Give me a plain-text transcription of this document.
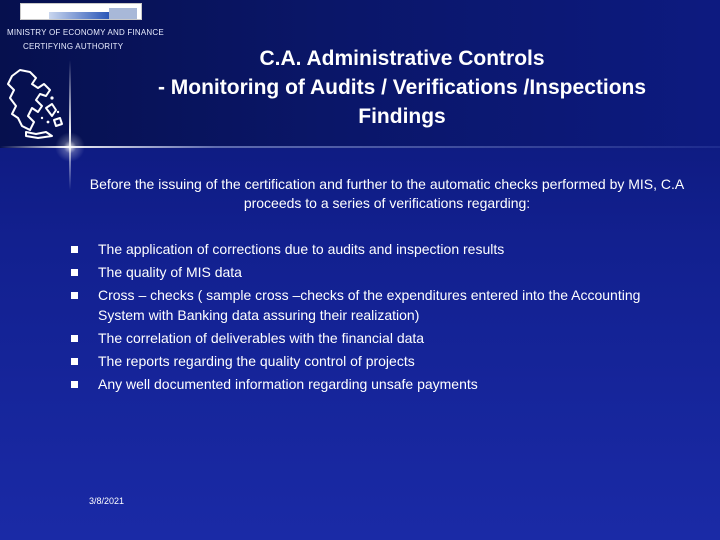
MINISTRY OF ECONOMY AND FINANCE
CERTIFYING AUTHORITY
C.A. Administrative Controls
- Monitoring of Audits / Verifications /Inspections
Findings
Before the issuing of the certification and further to the automatic checks performed by MIS, C.A proceeds to a series of verifications regarding:
The application of corrections due to audits and inspection results
The quality of MIS data
Cross – checks ( sample cross –checks of the expenditures entered into the Accounting System with Banking data assuring their realization)
The correlation of deliverables with the financial data
The reports regarding the quality control of projects
Any well documented information regarding unsafe payments
3/8/2021
